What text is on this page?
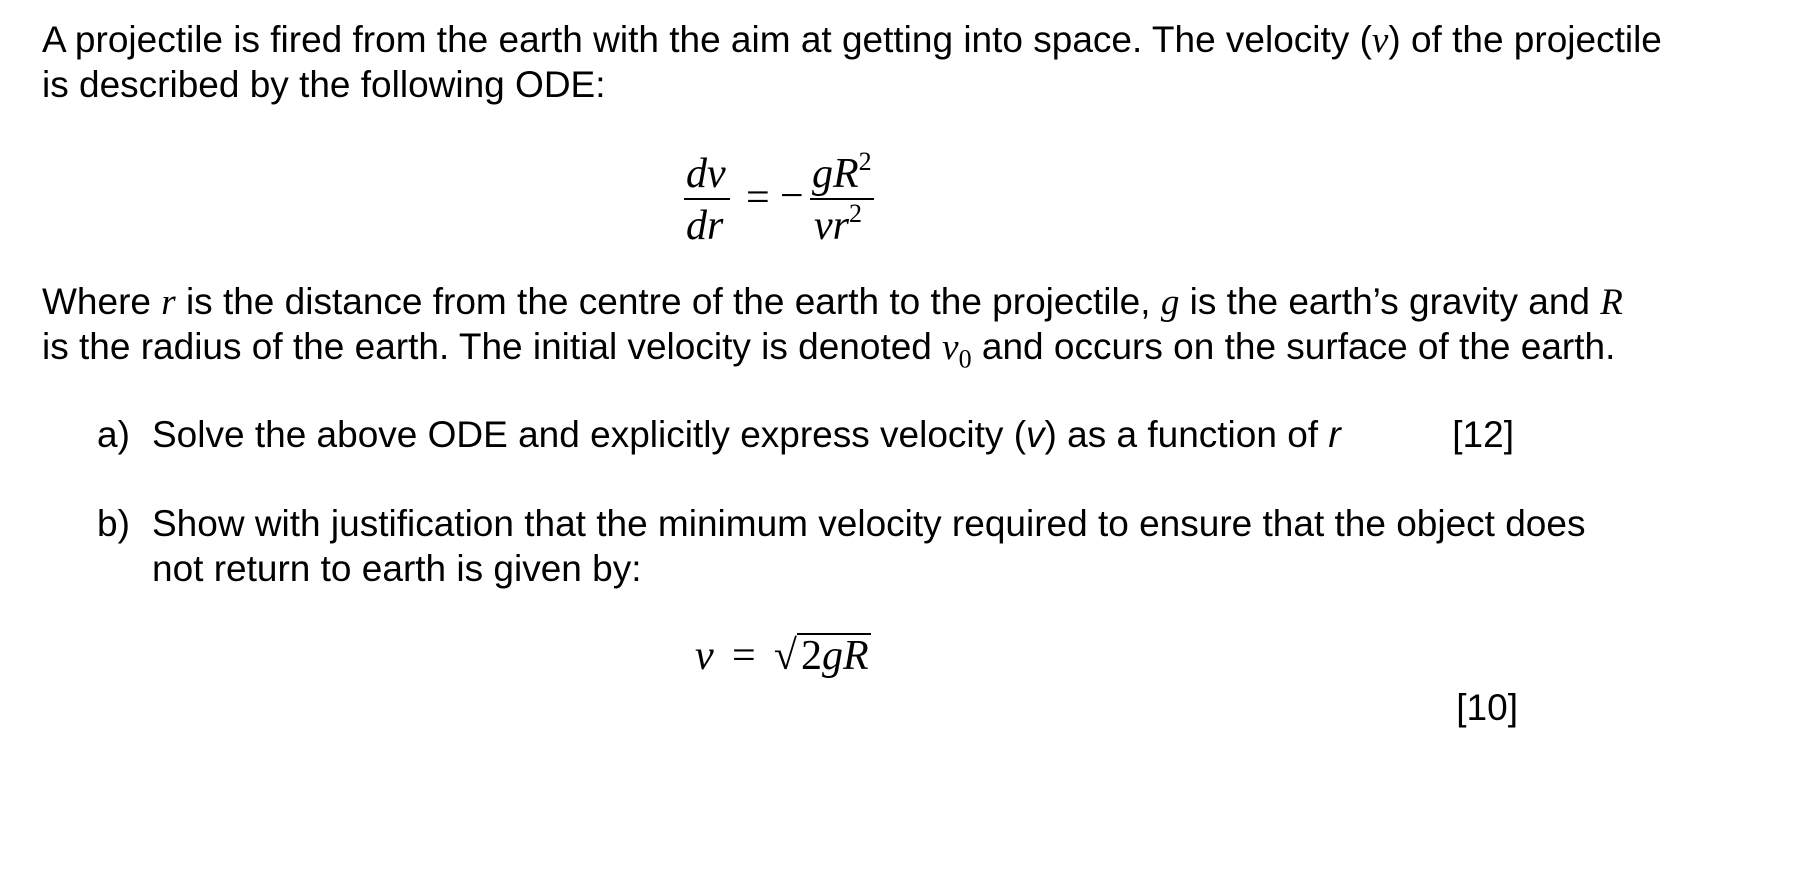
A projectile is fired from the earth with the aim at getting into space. The velocity (v) of the projectile
is described by the following ODE:
dv
dr
= − $gR^2$
$vr^2$
Where r is the distance from the centre of the earth to the projectile, g is the earth’s gravity and R
is the radius of the earth. The initial velocity is denoted $v_0$ and occurs on the surface of the earth.
a) Solve the above ODE and explicitly express velocity (v) as a function of r	[12]
b) Show with justification that the minimum velocity required to ensure that the object does
not return to earth is given by:
v = √2gR
[10]
